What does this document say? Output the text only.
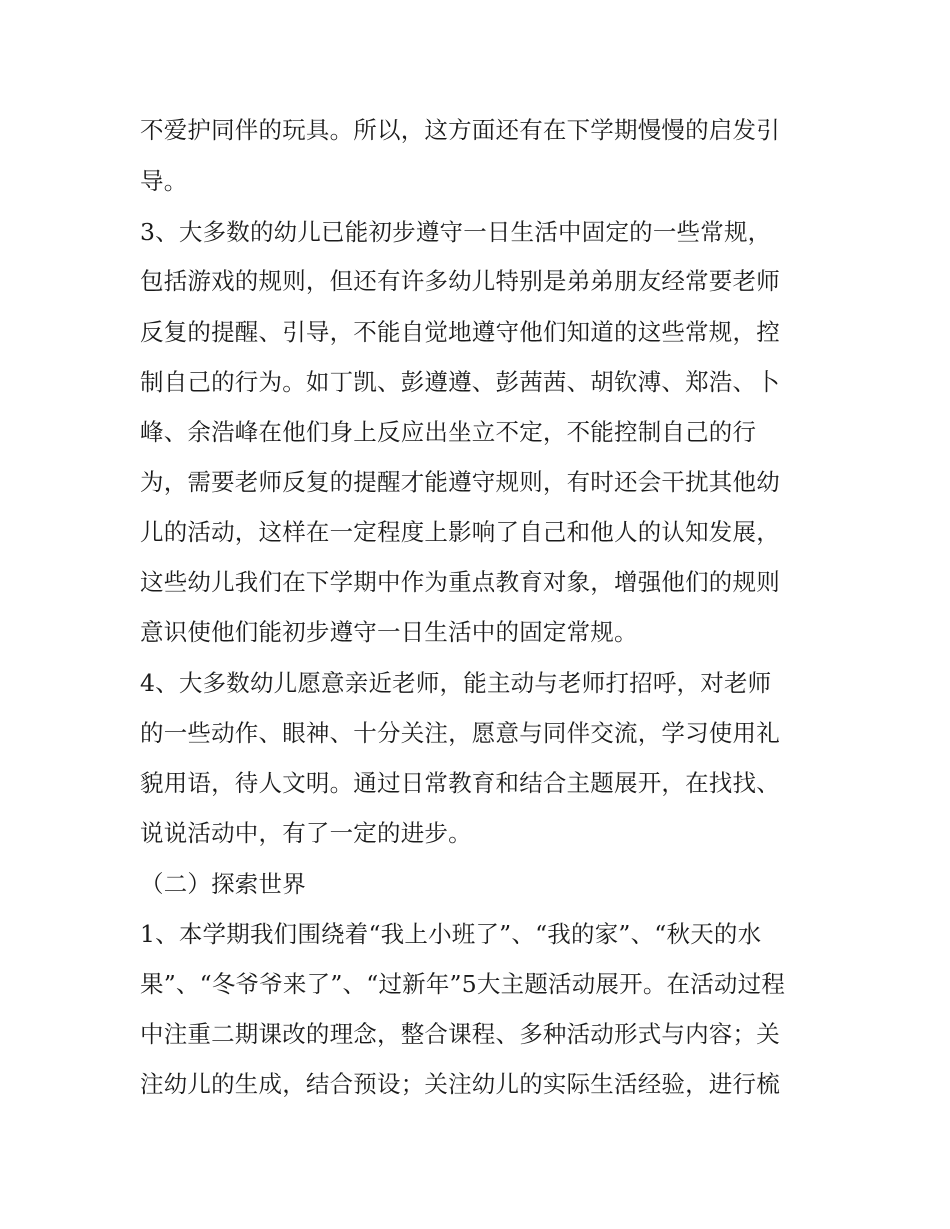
不爱护同伴的玩具。所以，这方面还有在下学期慢慢的启发引
导。
3、大多数的幼儿已能初步遵守一日生活中固定的一些常规，
包括游戏的规则，但还有许多幼儿特别是弟弟朋友经常要老师
反复的提醒、引导，不能自觉地遵守他们知道的这些常规，控
制自己的行为。如丁凯、彭遵遵、彭茜茜、胡钦溥、郑浩、卜
峰、余浩峰在他们身上反应出坐立不定，不能控制自己的行
为，需要老师反复的提醒才能遵守规则，有时还会干扰其他幼
儿的活动，这样在一定程度上影响了自己和他人的认知发展，
这些幼儿我们在下学期中作为重点教育对象，增强他们的规则
意识使他们能初步遵守一日生活中的固定常规。
4、大多数幼儿愿意亲近老师，能主动与老师打招呼，对老师
的一些动作、眼神、十分关注，愿意与同伴交流，学习使用礼
貌用语，待人文明。通过日常教育和结合主题展开，在找找、
说说活动中，有了一定的进步。
（二）探索世界
1、本学期我们围绕着“我上小班了”、“我的家”、“秋天的水
果”、“冬爷爷来了”、“过新年”5大主题活动展开。在活动过程
中注重二期课改的理念，整合课程、多种活动形式与内容；关
注幼儿的生成，结合预设；关注幼儿的实际生活经验，进行梳
